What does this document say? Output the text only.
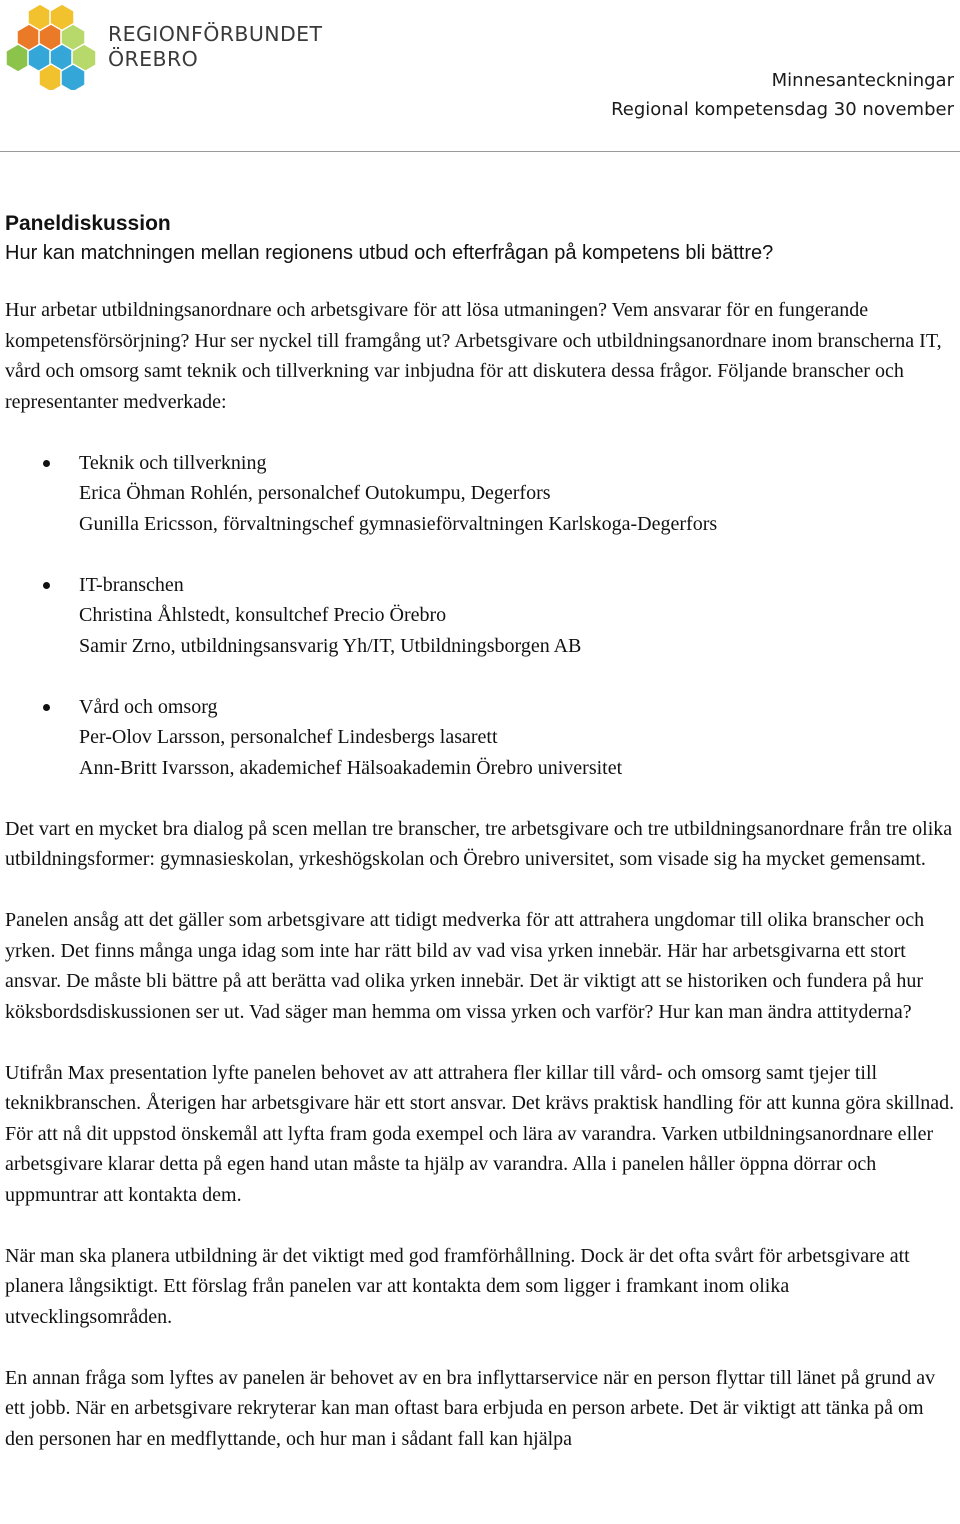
REGIONFÖRBUNDET
ÖREBRO
Minnesanteckningar
Regional kompetensdag 30 november
Paneldiskussion
Hur kan matchningen mellan regionens utbud och efterfrågan på kompetens bli bättre?

Hur arbetar utbildningsanordnare och arbetsgivare för att lösa utmaningen? Vem ansvarar för en fungerande kompetensförsörjning? Hur ser nyckel till framgång ut? Arbetsgivare och utbildningsanordnare inom branscherna IT, vård och omsorg samt teknik och tillverkning var inbjudna för att diskutera dessa frågor. Följande branscher och representanter medverkade:

Teknik och tillverkning
Erica Öhman Rohlén, personalchef Outokumpu, Degerfors
Gunilla Ericsson, förvaltningschef gymnasieförvaltningen Karlskoga-Degerfors
IT-branschen
Christina Åhlstedt, konsultchef Precio Örebro
Samir Zrno, utbildningsansvarig Yh/IT, Utbildningsborgen AB
Vård och omsorg
Per-Olov Larsson, personalchef Lindesbergs lasarett
Ann-Britt Ivarsson, akademichef Hälsoakademin Örebro universitet

Det vart en mycket bra dialog på scen mellan tre branscher, tre arbetsgivare och tre utbildningsanordnare från tre olika utbildningsformer: gymnasieskolan, yrkeshögskolan och Örebro universitet, som visade sig ha mycket gemensamt.

Panelen ansåg att det gäller som arbetsgivare att tidigt medverka för att attrahera ungdomar till olika branscher och yrken. Det finns många unga idag som inte har rätt bild av vad visa yrken innebär. Här har arbetsgivarna ett stort ansvar. De måste bli bättre på att berätta vad olika yrken innebär. Det är viktigt att se historiken och fundera på hur köksbordsdiskussionen ser ut. Vad säger man hemma om vissa yrken och varför? Hur kan man ändra attityderna?

Utifrån Max presentation lyfte panelen behovet av att attrahera fler killar till vård- och omsorg samt tjejer till teknikbranschen. Återigen har arbetsgivare här ett stort ansvar. Det krävs praktisk handling för att kunna göra skillnad. För att nå dit uppstod önskemål att lyfta fram goda exempel och lära av varandra. Varken utbildningsanordnare eller arbetsgivare klarar detta på egen hand utan måste ta hjälp av varandra. Alla i panelen håller öppna dörrar och uppmuntrar att kontakta dem.

När man ska planera utbildning är det viktigt med god framförhållning. Dock är det ofta svårt för arbetsgivare att planera långsiktigt. Ett förslag från panelen var att kontakta dem som ligger i framkant inom olika utvecklingsområden.

En annan fråga som lyftes av panelen är behovet av en bra inflyttarservice när en person flyttar till länet på grund av ett jobb. När en arbetsgivare rekryterar kan man oftast bara erbjuda en person arbete. Det är viktigt att tänka på om den personen har en medflyttande, och hur man i sådant fall kan hjälpa
